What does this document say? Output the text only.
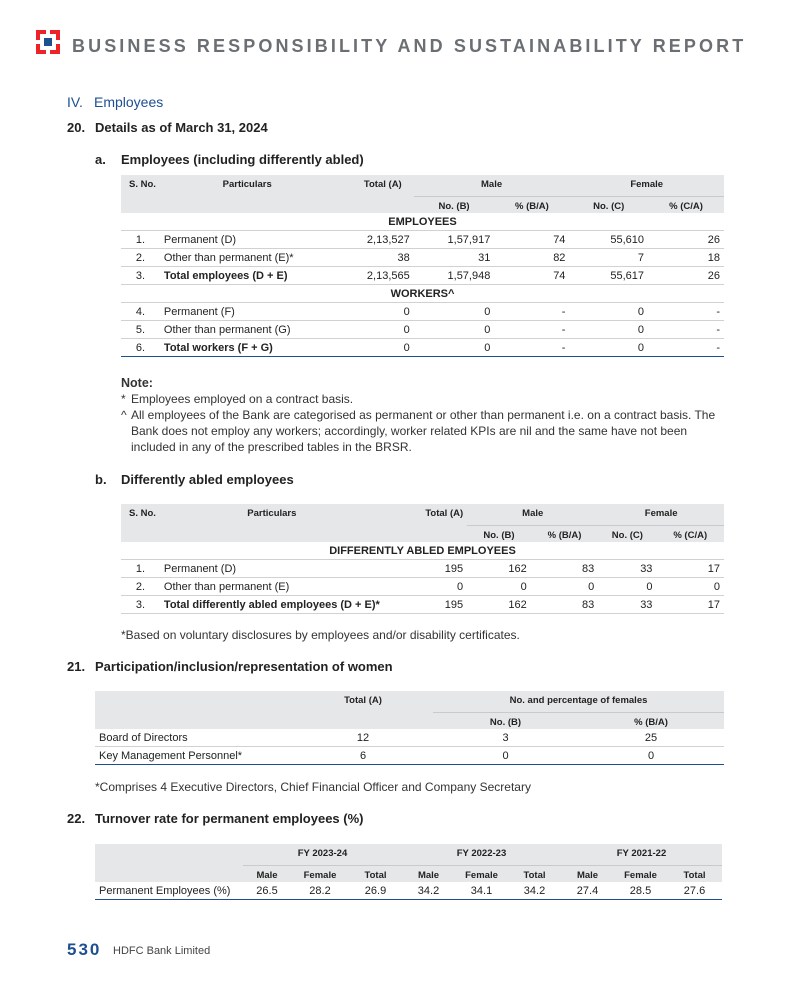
BUSINESS RESPONSIBILITY AND SUSTAINABILITY REPORT
IV. Employees
20. Details as of March 31, 2024
a. Employees (including differently abled)
S. No.	Particulars	Total (A)	Male		Female	
			No. (B)	% (B/A)	No. (C)	% (C/A)
EMPLOYEES						
1.	Permanent (D)	2,13,527	1,57,917	74	55,610	26
2.	Other than permanent (E)*	38	31	82	7	18
3.	Total employees (D + E)	2,13,565	1,57,948	74	55,617	26
WORKERS^						
4.	Permanent (F)	0	0	-	0	-
5.	Other than permanent (G)	0	0	-	0	-
6.	Total workers (F + G)	0	0	-	0	-
Note:
* Employees employed on a contract basis.
^ All employees of the Bank are categorised as permanent or other than permanent i.e. on a contract basis. The Bank does not employ any workers; accordingly, worker related KPIs are nil and the same have not been included in any of the prescribed tables in the BRSR.
b. Differently abled employees
S. No.	Particulars	Total (A)	Male		Female	
			No. (B)	% (B/A)	No. (C)	% (C/A)
DIFFERENTLY ABLED EMPLOYEES						
1.	Permanent (D)	195	162	83	33	17
2.	Other than permanent (E)	0	0	0	0	0
3.	Total differently abled employees (D + E)*	195	162	83	33	17
*Based on voluntary disclosures by employees and/or disability certificates.
21. Participation/inclusion/representation of women
	Total (A)	No. and percentage of females	
		No. (B)	% (B/A)
Board of Directors	12	3	25
Key Management Personnel*	6	0	0
*Comprises 4 Executive Directors, Chief Financial Officer and Company Secretary
22. Turnover rate for permanent employees (%)
	FY 2023-24			FY 2022-23			FY 2021-22		
	Male	Female	Total	Male	Female	Total	Male	Female	Total
Permanent Employees (%)	26.5	28.2	26.9	34.2	34.1	34.2	27.4	28.5	27.6
530 HDFC Bank Limited
